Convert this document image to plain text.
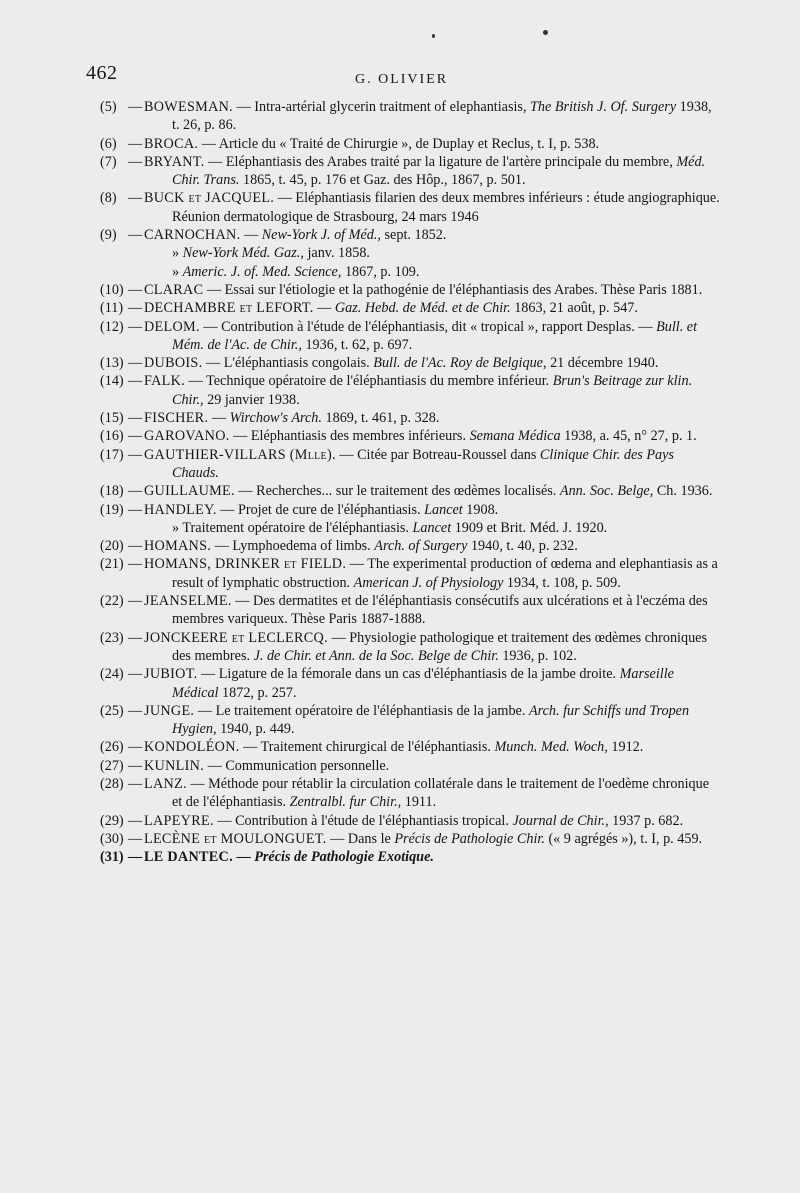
462	G. OLIVIER

(5) — BOWESMAN. — Intra-artérial glycerin traitment of elephantiasis, The British J. Of. Surgery 1938, t. 26, p. 86.

(6) — BROCA. — Article du « Traité de Chirurgie », de Duplay et Reclus, t. I, p. 538.

(7) — BRYANT. — Eléphantiasis des Arabes traité par la ligature de l'artère principale du membre, Méd. Chir. Trans. 1865, t. 45, p. 176 et Gaz. des Hôp., 1867, p. 501.

(8) — BUCK et JACQUEL. — Eléphantiasis filarien des deux membres inférieurs : étude angiographique. Réunion dermatologique de Strasbourg, 24 mars 1946

(9) — CARNOCHAN. — New-York J. of Méd., sept. 1852.

» New-York Méd. Gaz., janv. 1858.

» Americ. J. of. Med. Science, 1867, p. 109.

(10) — CLARAC — Essai sur l'étiologie et la pathogénie de l'éléphantiasis des Arabes. Thèse Paris 1881.

(11) — DECHAMBRE et LEFORT. — Gaz. Hebd. de Méd. et de Chir. 1863, 21 août, p. 547.

(12) — DELOM. — Contribution à l'étude de l'éléphantiasis, dit « tropical », rapport Desplas. — Bull. et Mém. de l'Ac. de Chir., 1936, t. 62, p. 697.

(13) — DUBOIS. — L'éléphantiasis congolais. Bull. de l'Ac. Roy de Belgique, 21 décembre 1940.

(14) — FALK. — Technique opératoire de l'éléphantiasis du membre inférieur. Brun's Beitrage zur klin. Chir., 29 janvier 1938.

(15) — FISCHER. — Wirchow's Arch. 1869, t. 461, p. 328.

(16) — GAROVANO. — Eléphantiasis des membres inférieurs. Semana Médica 1938, a. 45, n° 27, p. 1.

(17) — GAUTHIER-VILLARS (Mlle). — Citée par Botreau-Roussel dans Clinique Chir. des Pays Chauds.

(18) — GUILLAUME. — Recherches... sur le traitement des œdèmes localisés. Ann. Soc. Belge, Ch. 1936.

(19) — HANDLEY. — Projet de cure de l'éléphantiasis. Lancet 1908.

» Traitement opératoire de l'éléphantiasis. Lancet 1909 et Brit. Méd. J. 1920.

(20) — HOMANS. — Lymphoedema of limbs. Arch. of Surgery 1940, t. 40, p. 232.

(21) — HOMANS, DRINKER et FIELD. — The experimental production of œdema and elephantiasis as a result of lymphatic obstruction. American J. of Physiology 1934, t. 108, p. 509.

(22) — JEANSELME. — Des dermatites et de l'éléphantiasis consécutifs aux ulcérations et à l'eczéma des membres variqueux. Thèse Paris 1887-1888.

(23) — JONCKEERE et LECLERCQ. — Physiologie pathologique et traitement des œdèmes chroniques des membres. J. de Chir. et Ann. de la Soc. Belge de Chir. 1936, p. 102.

(24) — JUBIOT. — Ligature de la fémorale dans un cas d'éléphantiasis de la jambe droite. Marseille Médical 1872, p. 257.

(25) — JUNGE. — Le traitement opératoire de l'éléphantiasis de la jambe. Arch. fur Schiffs und Tropen Hygien, 1940, p. 449.

(26) — KONDOLÉON. — Traitement chirurgical de l'éléphantiasis. Munch. Med. Woch, 1912.

(27) — KUNLIN. — Communication personnelle.

(28) — LANZ. — Méthode pour rétablir la circulation collatérale dans le traitement de l'oedème chronique et de l'éléphantiasis. Zentralbl. fur Chir., 1911.

(29) — LAPEYRE. — Contribution à l'étude de l'éléphantiasis tropical. Journal de Chir., 1937 p. 682.

(30) — LECÈNE et MOULONGUET. — Dans le Précis de Pathologie Chir. (« 9 agrégés »), t. I, p. 459.

(31) — LE DANTEC. — Précis de Pathologie Exotique.
